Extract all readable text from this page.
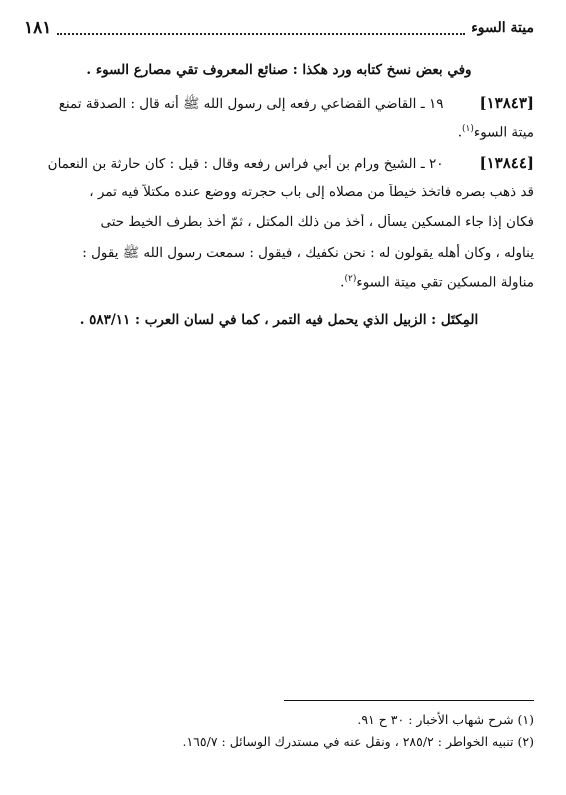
ميتة السوء
١٨١
وفي بعض نسخ كتابه ورد هكذا : صنائع المعروف تقي مصارع السوء .
[١٣٨٤٣]١٩ ـ القاضي القضاعي رفعه إلى رسول الله ﷺ أنه قال : الصدقة تمنع
ميتة السوء$^{(١)}$.
[١٣٨٤٤]٢٠ ـ الشيخ ورام بن أبي فراس رفعه وقال : قيل : كان حارثة بن النعمان
قد ذهب بصره فاتخذ خيطاً من مصلاه إلى باب حجرته ووضع عنده مكتلاً فيه تمر ،
فكان إذا جاء المسكين يسأل ، أخذ من ذلك المكتل ، ثمّ أخذ بطرف الخيط حتى
يناوله ، وكان أهله يقولون له : نحن نكفيك ، فيقول : سمعت رسول الله ﷺ يقول :
مناولة المسكين تقي ميتة السوء$^{(٢)}$.
المِكتَل : الزبيل الذي يحمل فيه التمر ، كما في لسان العرب : ٥٨٣/١١ .
(١) شرح شهاب الأخبار : ٣٠ ح ٩١.
(٢) تنبيه الخواطر : ٢٨٥/٢ ، ونقل عنه في مستدرك الوسائل : ١٦٥/٧.
